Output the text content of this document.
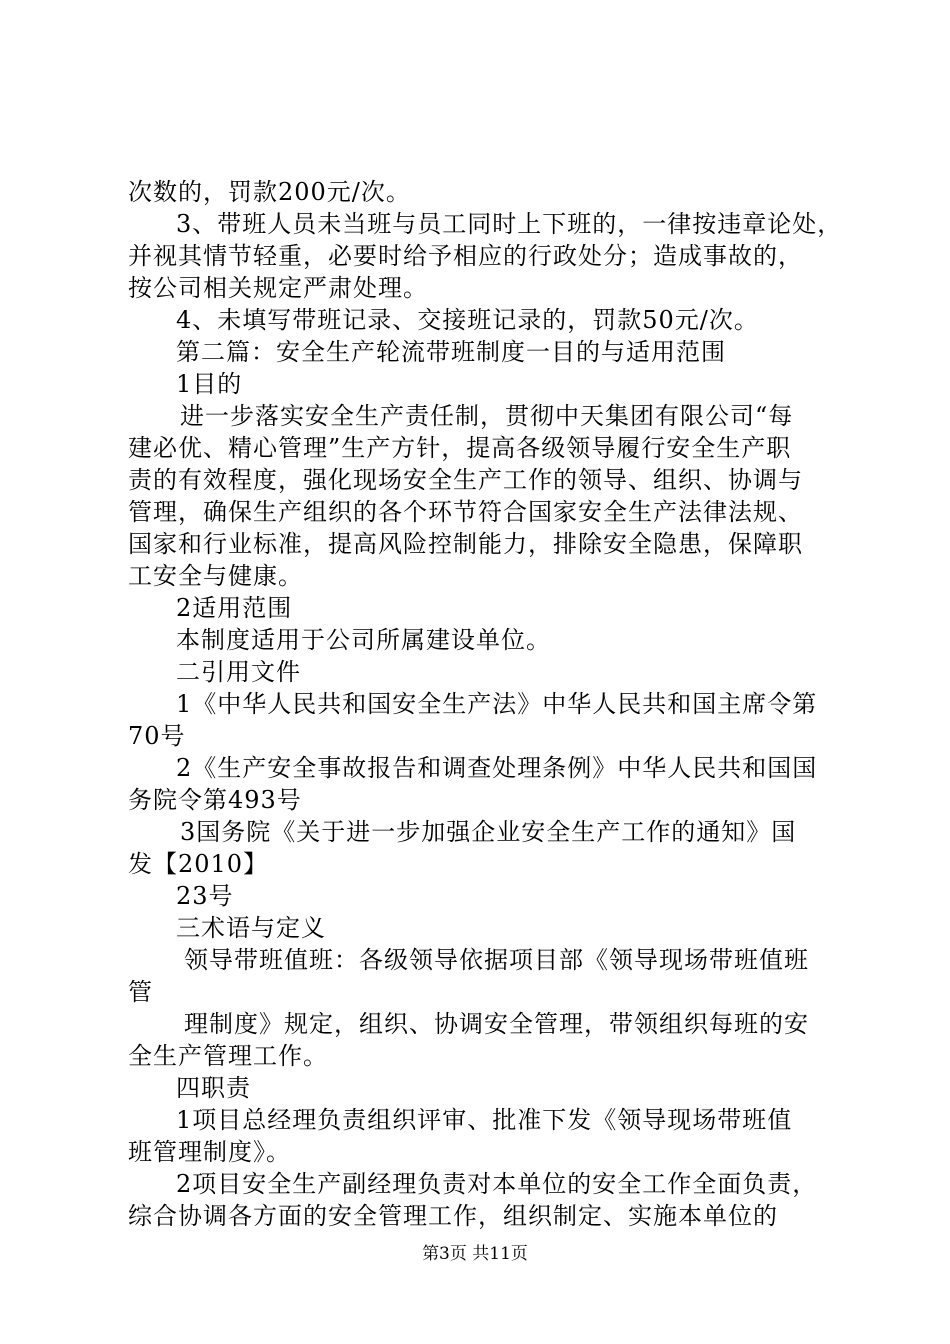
次数的，罚款200元/次。
3、带班人员未当班与员工同时上下班的，一律按违章论处，
并视其情节轻重，必要时给予相应的行政处分；造成事故的，
按公司相关规定严肃处理。
4、未填写带班记录、交接班记录的，罚款50元/次。
第二篇：安全生产轮流带班制度一目的与适用范围
1目的
进一步落实安全生产责任制，贯彻中天集团有限公司“每
建必优、精心管理”生产方针，提高各级领导履行安全生产职
责的有效程度，强化现场安全生产工作的领导、组织、协调与
管理，确保生产组织的各个环节符合国家安全生产法律法规、
国家和行业标准，提高风险控制能力，排除安全隐患，保障职
工安全与健康。
2适用范围
本制度适用于公司所属建设单位。
二引用文件
1《中华人民共和国安全生产法》中华人民共和国主席令第
70号
2《生产安全事故报告和调查处理条例》中华人民共和国国
务院令第493号
3国务院《关于进一步加强企业安全生产工作的通知》国
发【2010】
23号
三术语与定义
领导带班值班：各级领导依据项目部《领导现场带班值班
管
理制度》规定，组织、协调安全管理，带领组织每班的安
全生产管理工作。
四职责
1项目总经理负责组织评审、批准下发《领导现场带班值
班管理制度》。
2项目安全生产副经理负责对本单位的安全工作全面负责，
综合协调各方面的安全管理工作，组织制定、实施本单位的
第3页 共11页
